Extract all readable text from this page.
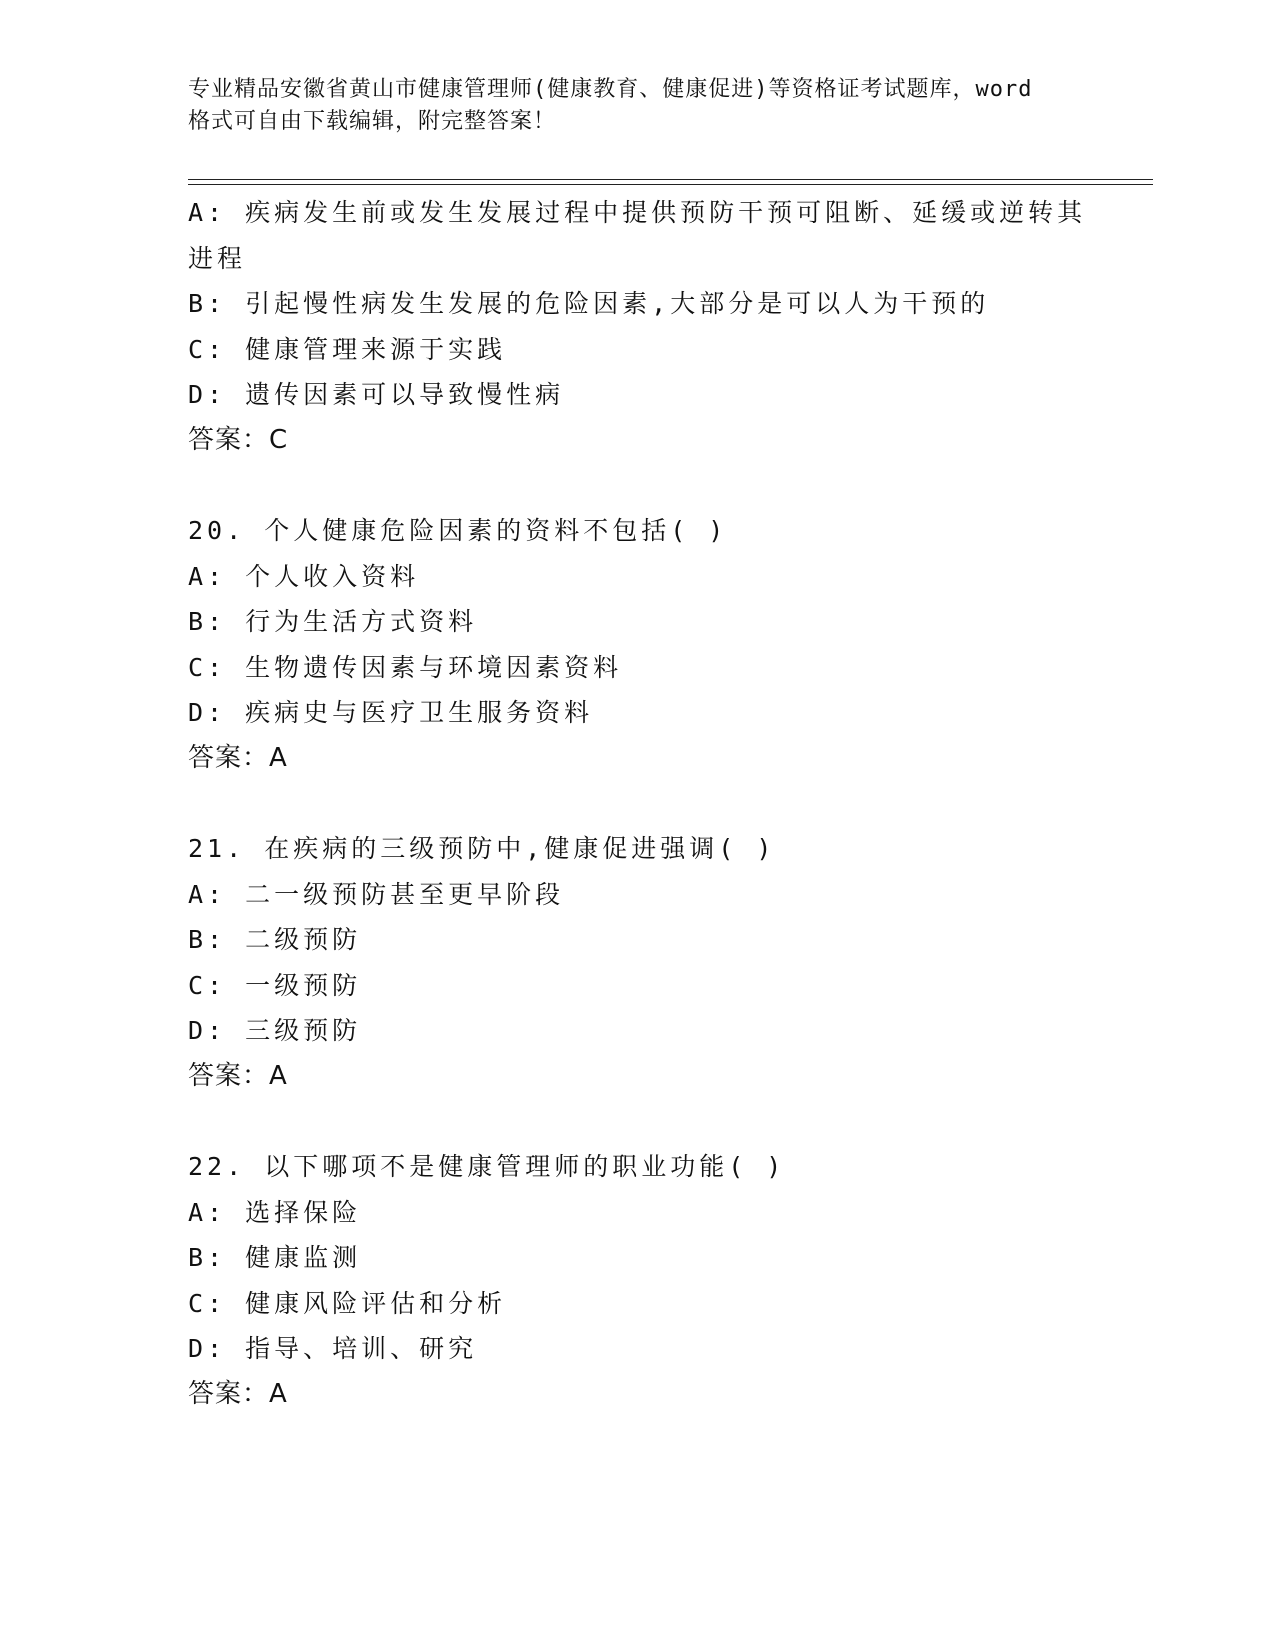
专业精品安徽省黄山市健康管理师(健康教育、健康促进)等资格证考试题库，word
格式可自由下载编辑，附完整答案！
A: 疾病发生前或发生发展过程中提供预防干预可阻断、延缓或逆转其
进程
B: 引起慢性病发生发展的危险因素,大部分是可以人为干预的
C: 健康管理来源于实践
D: 遗传因素可以导致慢性病
答案：C
20. 个人健康危险因素的资料不包括( )
A: 个人收入资料
B: 行为生活方式资料
C: 生物遗传因素与环境因素资料
D: 疾病史与医疗卫生服务资料
答案：A
21. 在疾病的三级预防中,健康促进强调( )
A: 二一级预防甚至更早阶段
B: 二级预防
C: 一级预防
D: 三级预防
答案：A
22. 以下哪项不是健康管理师的职业功能( )
A: 选择保险
B: 健康监测
C: 健康风险评估和分析
D: 指导、培训、研究
答案：A
